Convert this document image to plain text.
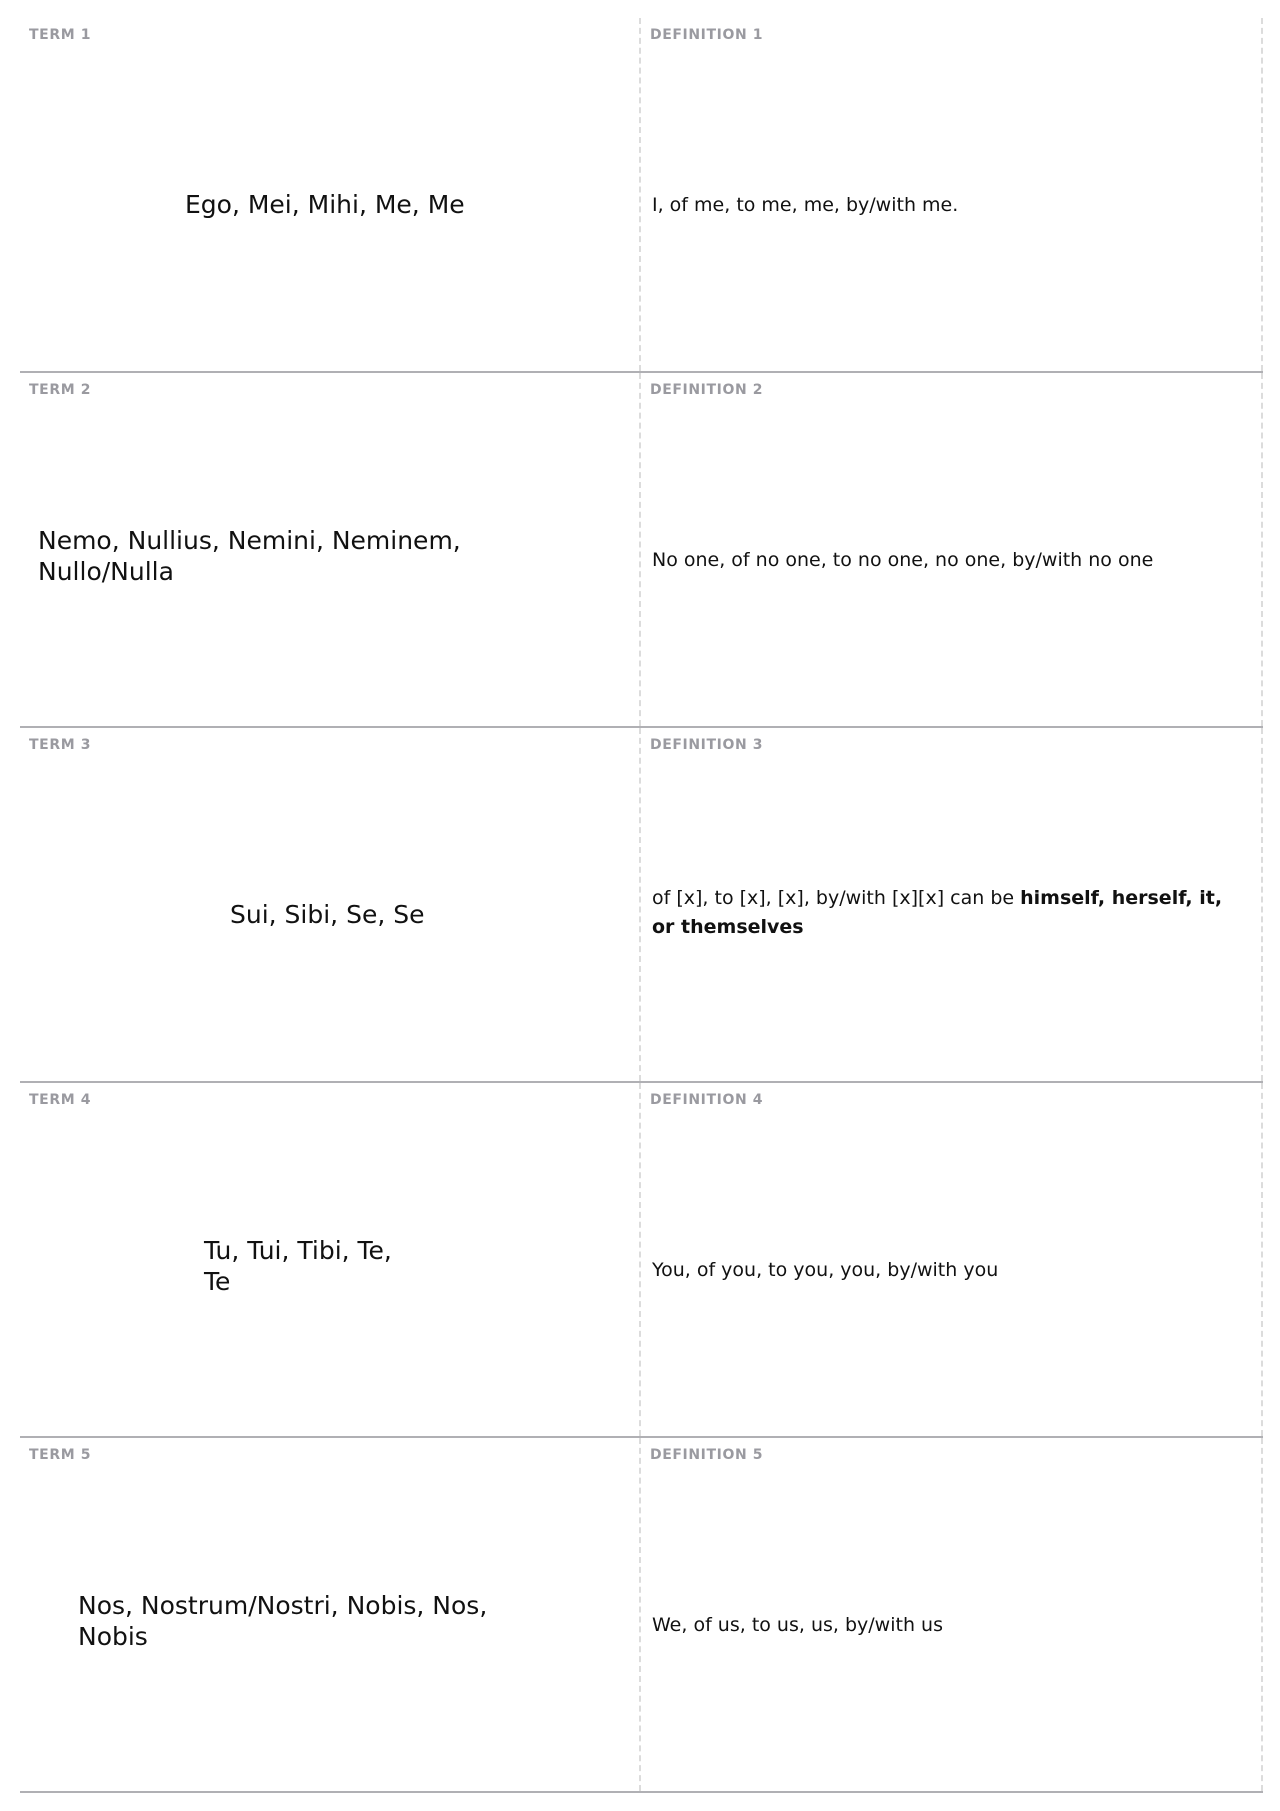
TERM 1
Ego, Mei, Mihi, Me, Me
DEFINITION 1
I, of me, to me, me, by/with me.
TERM 2
Nemo, Nullius, Nemini, Neminem,
Nullo/Nulla
DEFINITION 2
No one, of no one, to no one, no one, by/with no one
TERM 3
Sui, Sibi, Se, Se
DEFINITION 3
of [x], to [x], [x], by/with [x][x] can be himself, herself, it, or themselves
TERM 4
Tu, Tui, Tibi, Te,
Te
DEFINITION 4
You, of you, to you, you, by/with you
TERM 5
Nos, Nostrum/Nostri, Nobis, Nos,
Nobis
DEFINITION 5
We, of us, to us, us, by/with us
